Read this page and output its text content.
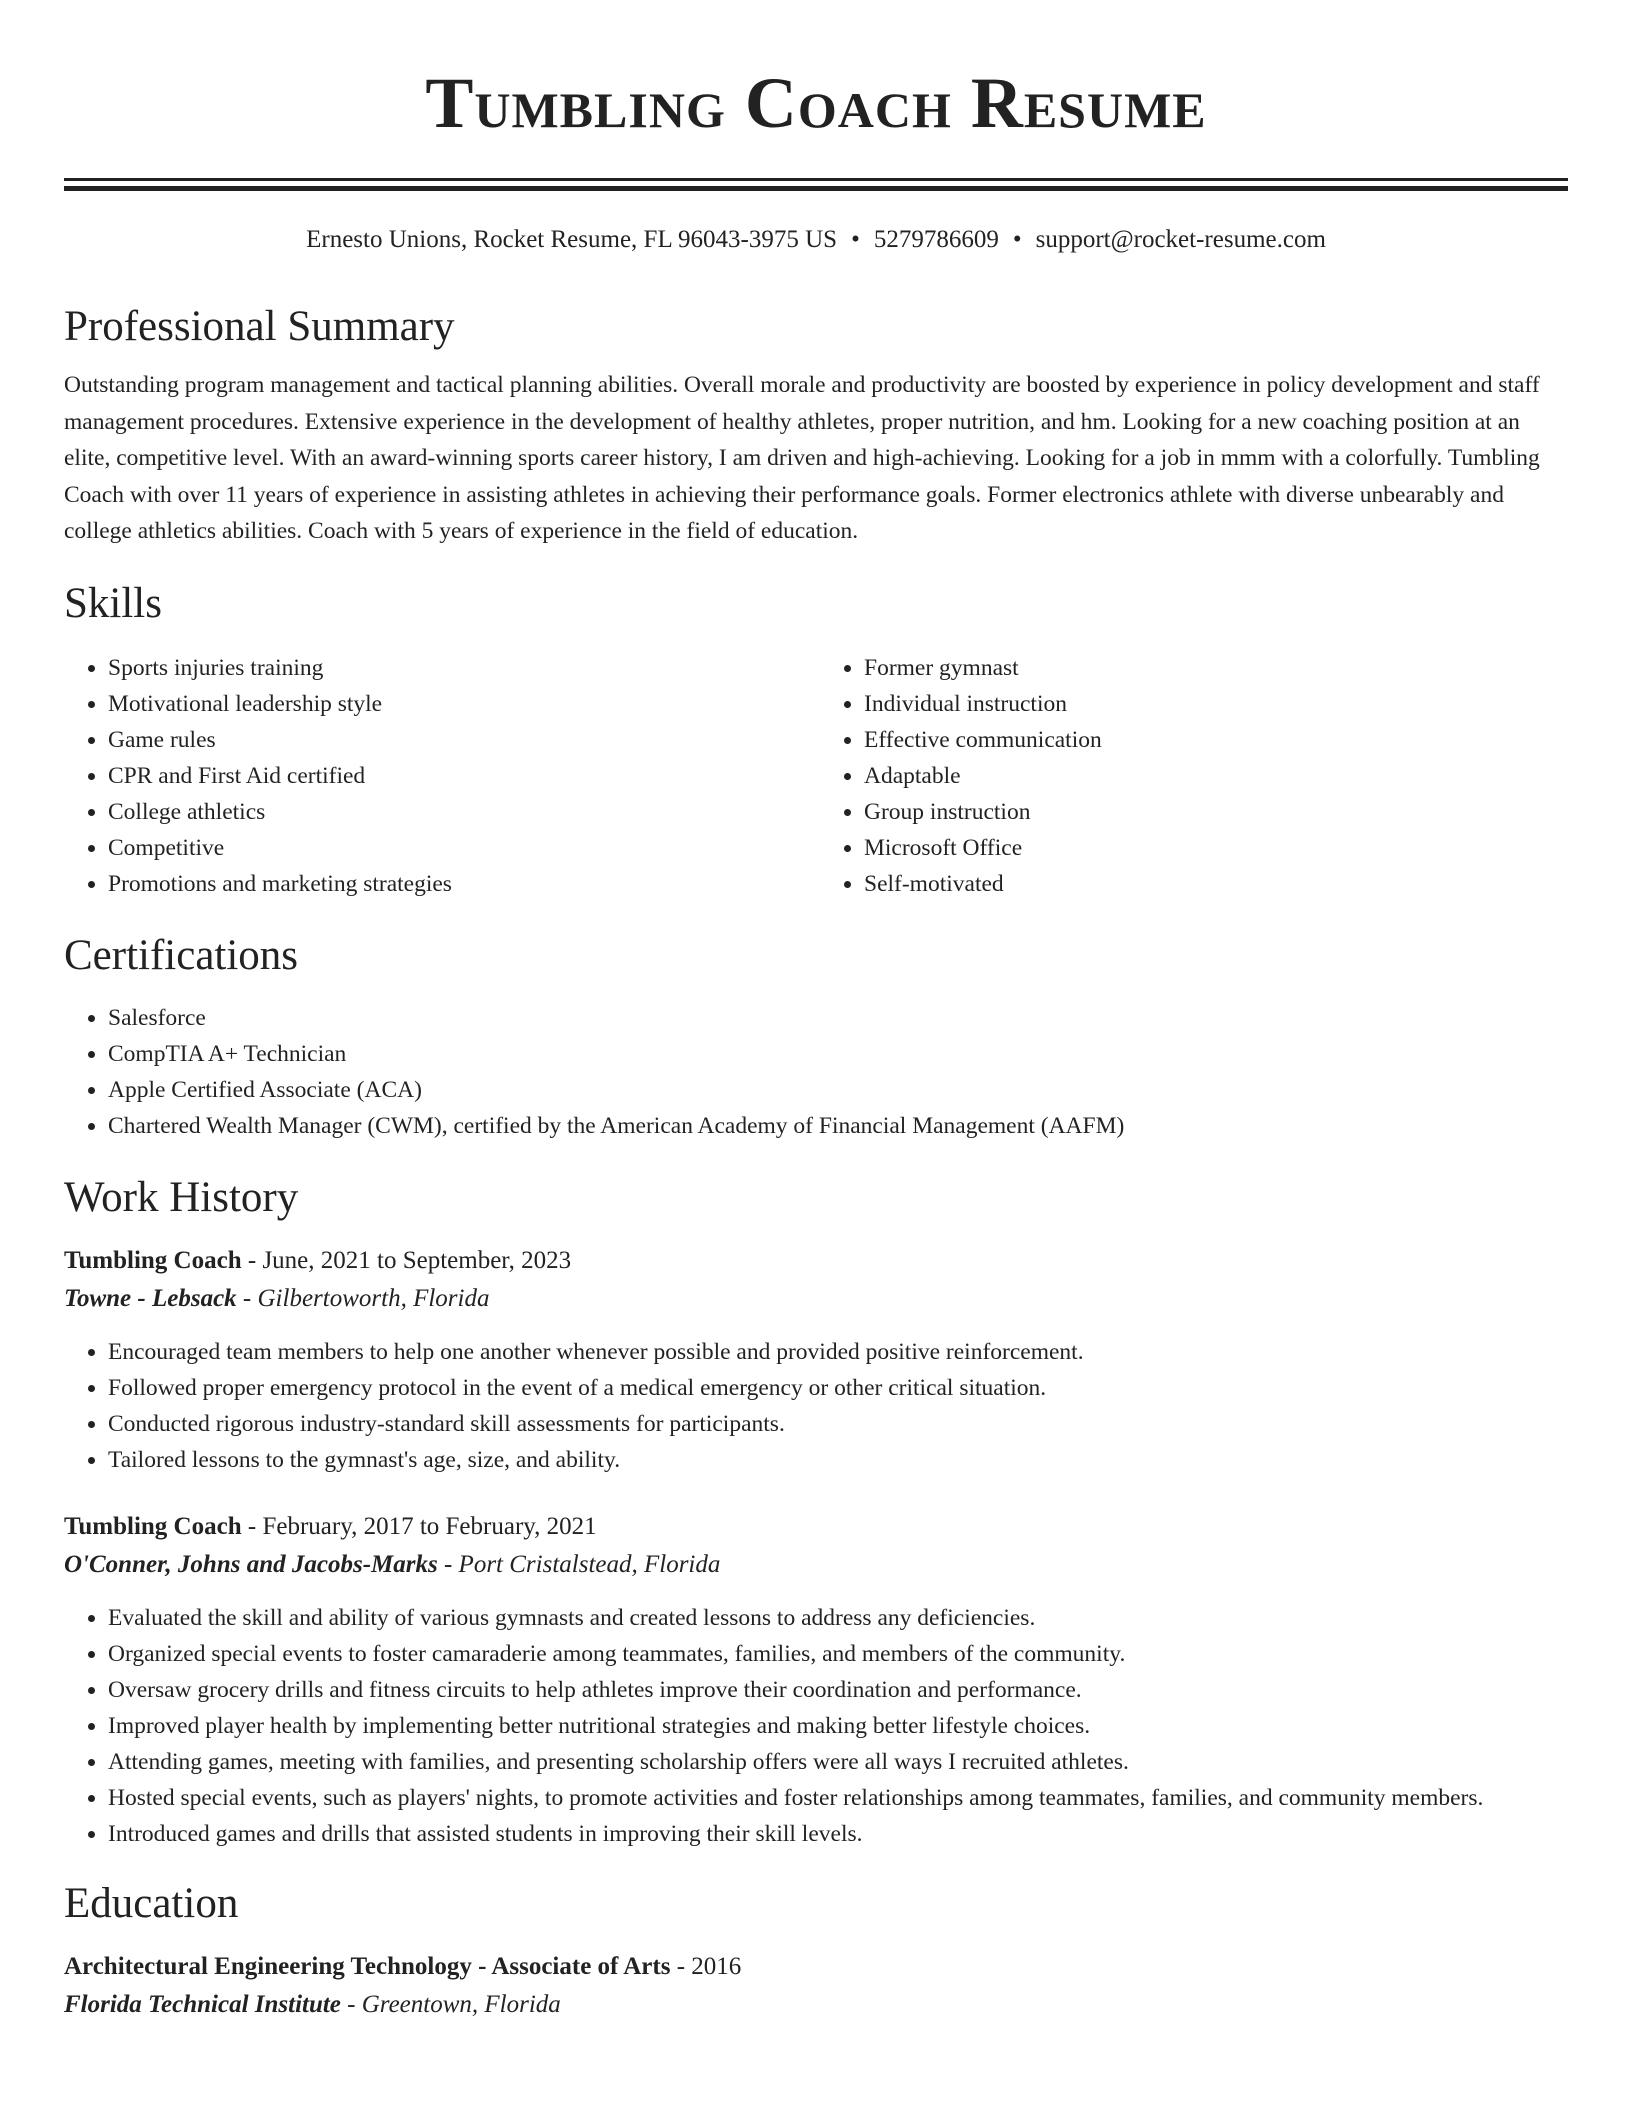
Tumbling Coach Resume
Ernesto Unions, Rocket Resume, FL 96043-3975 US • 5279786609 • support@rocket-resume.com
Professional Summary

Outstanding program management and tactical planning abilities. Overall morale and productivity are boosted by experience in policy development and staff management procedures. Extensive experience in the development of healthy athletes, proper nutrition, and hm. Looking for a new coaching position at an elite, competitive level. With an award-winning sports career history, I am driven and high-achieving. Looking for a job in mmm with a colorfully. Tumbling Coach with over 11 years of experience in assisting athletes in achieving their performance goals. Former electronics athlete with diverse unbearably and college athletics abilities. Coach with 5 years of experience in the field of education.

Skills
• Sports injuries training
• Motivational leadership style
• Game rules
• CPR and First Aid certified
• College athletics
• Competitive
• Promotions and marketing strategies
• Former gymnast
• Individual instruction
• Effective communication
• Adaptable
• Group instruction
• Microsoft Office
• Self-motivated
Certifications
• Salesforce
• CompTIA A+ Technician
• Apple Certified Associate (ACA)
• Chartered Wealth Manager (CWM), certified by the American Academy of Financial Management (AAFM)
Work History
Tumbling Coach - June, 2021 to September, 2023
Towne - Lebsack - Gilbertoworth, Florida
• Encouraged team members to help one another whenever possible and provided positive reinforcement.
• Followed proper emergency protocol in the event of a medical emergency or other critical situation.
• Conducted rigorous industry-standard skill assessments for participants.
• Tailored lessons to the gymnast's age, size, and ability.
Tumbling Coach - February, 2017 to February, 2021
O'Conner, Johns and Jacobs-Marks - Port Cristalstead, Florida
• Evaluated the skill and ability of various gymnasts and created lessons to address any deficiencies.
• Organized special events to foster camaraderie among teammates, families, and members of the community.
• Oversaw grocery drills and fitness circuits to help athletes improve their coordination and performance.
• Improved player health by implementing better nutritional strategies and making better lifestyle choices.
• Attending games, meeting with families, and presenting scholarship offers were all ways I recruited athletes.
• Hosted special events, such as players' nights, to promote activities and foster relationships among teammates, families, and community members.
• Introduced games and drills that assisted students in improving their skill levels.
Education
Architectural Engineering Technology - Associate of Arts - 2016
Florida Technical Institute - Greentown, Florida
